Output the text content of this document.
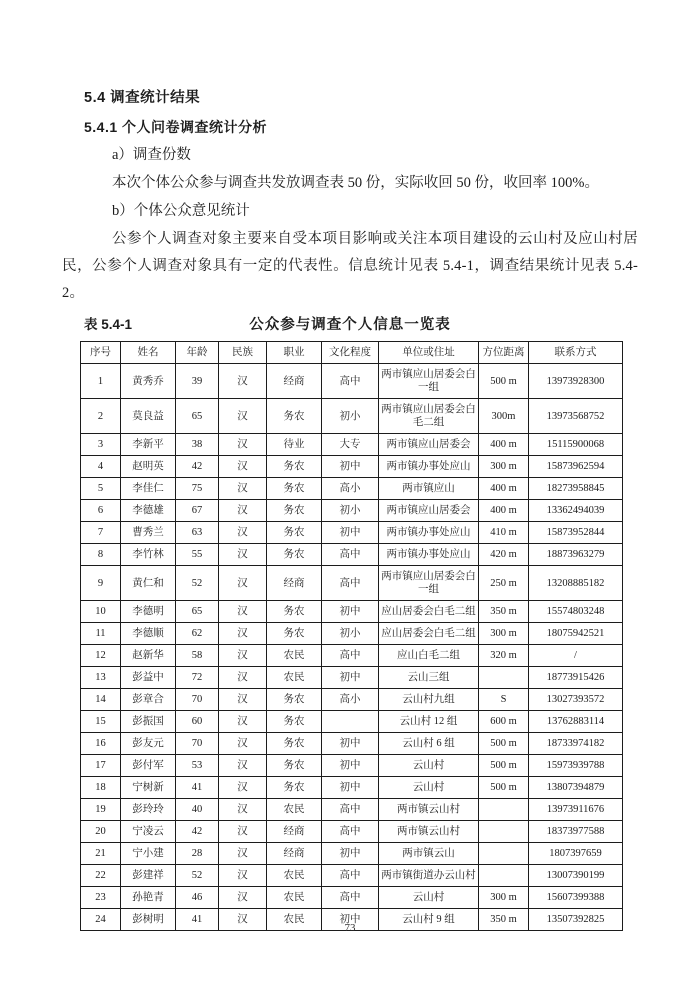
5.4 调查统计结果
5.4.1 个人问卷调查统计分析
a）调查份数
本次个体公众参与调查共发放调查表 50 份，实际收回 50 份，收回率 100%。
b）个体公众意见统计
公参个人调查对象主要来自受本项目影响或关注本项目建设的云山村及应山村居民，公参个人调查对象具有一定的代表性。信息统计见表 5.4-1，调查结果统计见表 5.4-2。
表 5.4-1	公众参与调查个人信息一览表
序号	姓名	年龄	民族	职业	文化程度	单位或住址	方位距离	联系方式
1	黄秀乔	39	汉	经商	高中	两市镇应山居委会白一组	500 m	13973928300
2	莫良益	65	汉	务农	初小	两市镇应山居委会白毛二组	300m	13973568752
3	李新平	38	汉	待业	大专	两市镇应山居委会	400 m	15115900068
4	赵明英	42	汉	务农	初中	两市镇办事处应山	300 m	15873962594
5	李佳仁	75	汉	务农	高小	两市镇应山	400 m	18273958845
6	李德雄	67	汉	务农	初小	两市镇应山居委会	400 m	13362494039
7	曹秀兰	63	汉	务农	初中	两市镇办事处应山	410 m	15873952844
8	李竹林	55	汉	务农	高中	两市镇办事处应山	420 m	18873963279
9	黄仁和	52	汉	经商	高中	两市镇应山居委会白一组	250 m	13208885182
10	李德明	65	汉	务农	初中	应山居委会白毛二组	350 m	15574803248
11	李德顺	62	汉	务农	初小	应山居委会白毛二组	300 m	18075942521
12	赵新华	58	汉	农民	高中	应山白毛二组	320 m	/
13	彭益中	72	汉	农民	初中	云山三组		18773915426
14	彭章合	70	汉	务农	高小	云山村九组	S	13027393572
15	彭振国	60	汉	务农		云山村 12 组	600 m	13762883114
16	彭友元	70	汉	务农	初中	云山村 6 组	500 m	18733974182
17	彭付军	53	汉	务农	初中	云山村	500 m	15973939788
18	宁树新	41	汉	务农	初中	云山村	500 m	13807394879
19	彭玲玲	40	汉	农民	高中	两市镇云山村		13973911676
20	宁凌云	42	汉	经商	高中	两市镇云山村		18373977588
21	宁小建	28	汉	经商	初中	两市镇云山		1807397659
22	彭建祥	52	汉	农民	高中	两市镇街道办云山村		13007390199
23	孙艳青	46	汉	农民	高中	云山村	300 m	15607399388
24	彭树明	41	汉	农民	初中	云山村 9 组	350 m	13507392825
73
